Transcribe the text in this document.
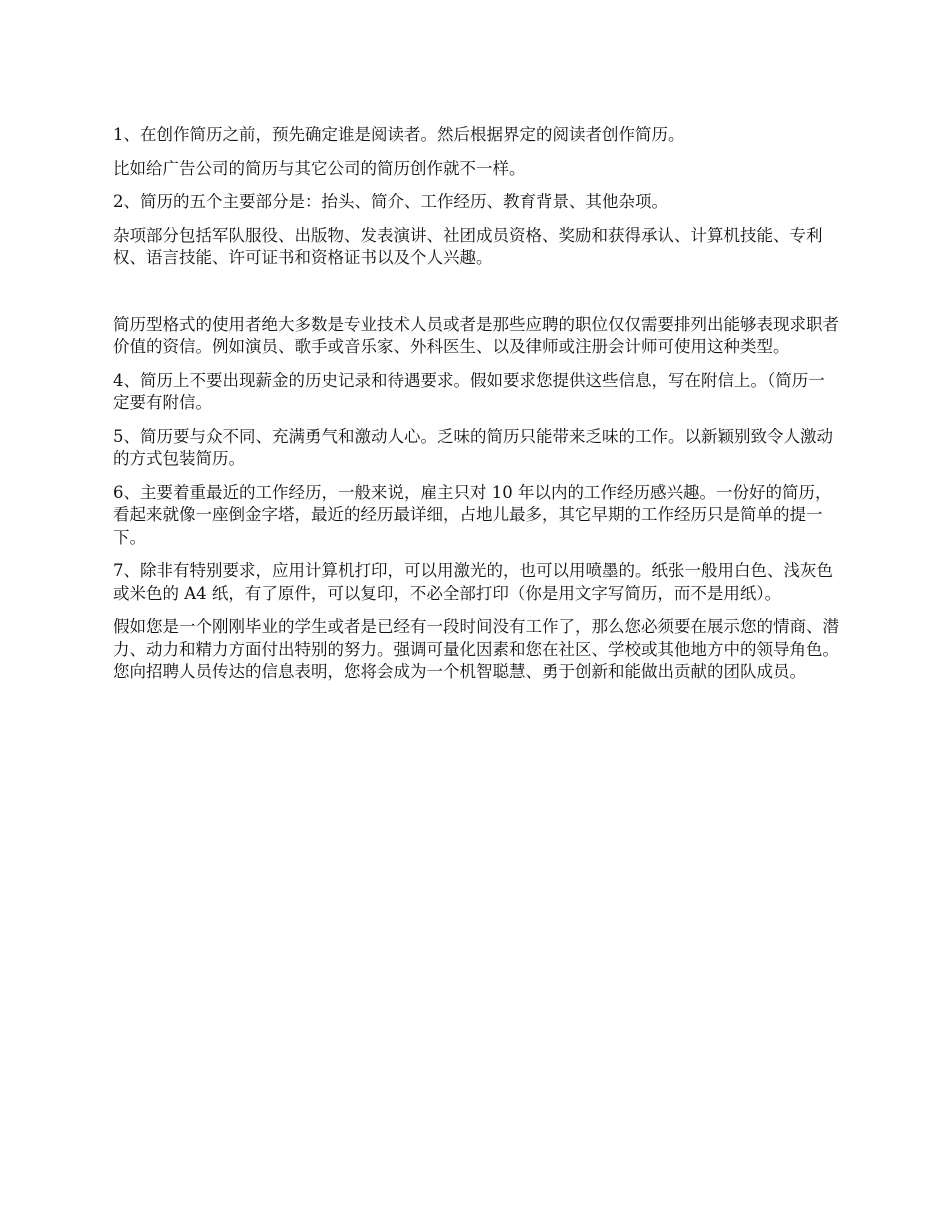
1、在创作简历之前，预先确定谁是阅读者。然后根据界定的阅读者创作简历。

比如给广告公司的简历与其它公司的简历创作就不一样。

2、简历的五个主要部分是：抬头、简介、工作经历、教育背景、其他杂项。

杂项部分包括军队服役、出版物、发表演讲、社团成员资格、奖励和获得承认、计算机技能、专利权、语言技能、许可证书和资格证书以及个人兴趣。

简历型格式的使用者绝大多数是专业技术人员或者是那些应聘的职位仅仅需要排列出能够表现求职者价值的资信。例如演员、歌手或音乐家、外科医生、以及律师或注册会计师可使用这种类型。

4、简历上不要出现薪金的历史记录和待遇要求。假如要求您提供这些信息，写在附信上。（简历一定要有附信。

5、简历要与众不同、充满勇气和激动人心。乏味的简历只能带来乏味的工作。以新颖别致令人激动的方式包装简历。

6、主要着重最近的工作经历，一般来说，雇主只对 10 年以内的工作经历感兴趣。一份好的简历，看起来就像一座倒金字塔，最近的经历最详细，占地儿最多，其它早期的工作经历只是简单的提一下。

7、除非有特别要求，应用计算机打印，可以用激光的，也可以用喷墨的。纸张一般用白色、浅灰色或米色的 A4 纸，有了原件，可以复印，不必全部打印（你是用文字写简历，而不是用纸）。

假如您是一个刚刚毕业的学生或者是已经有一段时间没有工作了，那么您必须要在展示您的情商、潜力、动力和精力方面付出特别的努力。强调可量化因素和您在社区、学校或其他地方中的领导角色。您向招聘人员传达的信息表明，您将会成为一个机智聪慧、勇于创新和能做出贡献的团队成员。
